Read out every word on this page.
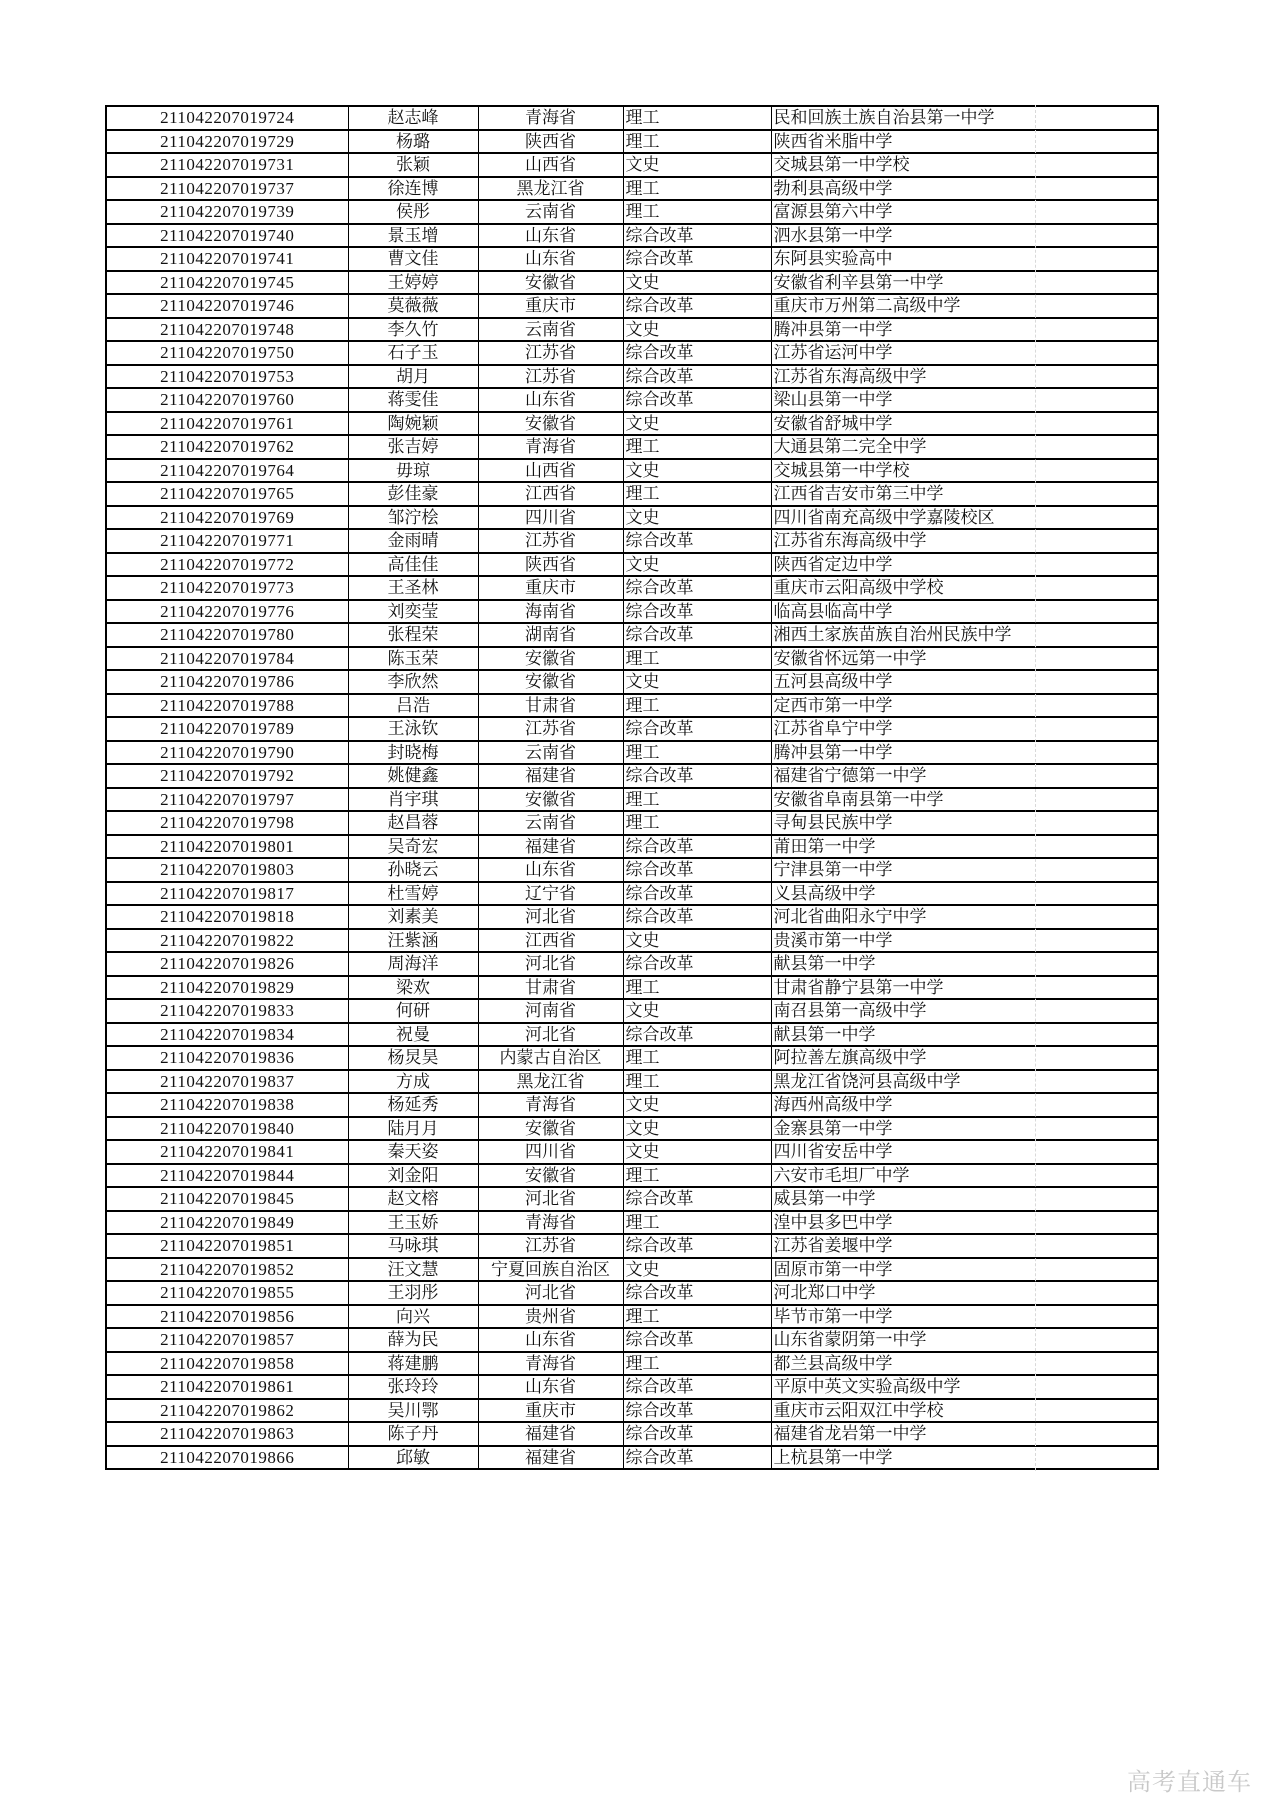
211042207019724	赵志峰	青海省	理工	民和回族土族自治县第一中学
211042207019729	杨璐	陕西省	理工	陕西省米脂中学
211042207019731	张颖	山西省	文史	交城县第一中学校
211042207019737	徐连博	黑龙江省	理工	勃利县高级中学
211042207019739	侯彤	云南省	理工	富源县第六中学
211042207019740	景玉增	山东省	综合改革	泗水县第一中学
211042207019741	曹文佳	山东省	综合改革	东阿县实验高中
211042207019745	王婷婷	安徽省	文史	安徽省利辛县第一中学
211042207019746	莫薇薇	重庆市	综合改革	重庆市万州第二高级中学
211042207019748	李久竹	云南省	文史	腾冲县第一中学
211042207019750	石子玉	江苏省	综合改革	江苏省运河中学
211042207019753	胡月	江苏省	综合改革	江苏省东海高级中学
211042207019760	蒋雯佳	山东省	综合改革	梁山县第一中学
211042207019761	陶婉颖	安徽省	文史	安徽省舒城中学
211042207019762	张吉婷	青海省	理工	大通县第二完全中学
211042207019764	毋琼	山西省	文史	交城县第一中学校
211042207019765	彭佳豪	江西省	理工	江西省吉安市第三中学
211042207019769	邹泞桧	四川省	文史	四川省南充高级中学嘉陵校区
211042207019771	金雨晴	江苏省	综合改革	江苏省东海高级中学
211042207019772	高佳佳	陕西省	文史	陕西省定边中学
211042207019773	王圣林	重庆市	综合改革	重庆市云阳高级中学校
211042207019776	刘奕莹	海南省	综合改革	临高县临高中学
211042207019780	张程荣	湖南省	综合改革	湘西土家族苗族自治州民族中学
211042207019784	陈玉荣	安徽省	理工	安徽省怀远第一中学
211042207019786	李欣然	安徽省	文史	五河县高级中学
211042207019788	吕浩	甘肃省	理工	定西市第一中学
211042207019789	王泳钦	江苏省	综合改革	江苏省阜宁中学
211042207019790	封晓梅	云南省	理工	腾冲县第一中学
211042207019792	姚健鑫	福建省	综合改革	福建省宁德第一中学
211042207019797	肖宇琪	安徽省	理工	安徽省阜南县第一中学
211042207019798	赵昌蓉	云南省	理工	寻甸县民族中学
211042207019801	吴奇宏	福建省	综合改革	莆田第一中学
211042207019803	孙晓云	山东省	综合改革	宁津县第一中学
211042207019817	杜雪婷	辽宁省	综合改革	义县高级中学
211042207019818	刘素美	河北省	综合改革	河北省曲阳永宁中学
211042207019822	汪紫涵	江西省	文史	贵溪市第一中学
211042207019826	周海洋	河北省	综合改革	献县第一中学
211042207019829	梁欢	甘肃省	理工	甘肃省静宁县第一中学
211042207019833	何研	河南省	文史	南召县第一高级中学
211042207019834	祝曼	河北省	综合改革	献县第一中学
211042207019836	杨炅昊	内蒙古自治区	理工	阿拉善左旗高级中学
211042207019837	方成	黑龙江省	理工	黑龙江省饶河县高级中学
211042207019838	杨延秀	青海省	文史	海西州高级中学
211042207019840	陆月月	安徽省	文史	金寨县第一中学
211042207019841	秦天姿	四川省	文史	四川省安岳中学
211042207019844	刘金阳	安徽省	理工	六安市毛坦厂中学
211042207019845	赵文榕	河北省	综合改革	威县第一中学
211042207019849	王玉娇	青海省	理工	湟中县多巴中学
211042207019851	马咏琪	江苏省	综合改革	江苏省姜堰中学
211042207019852	汪文慧	宁夏回族自治区	文史	固原市第一中学
211042207019855	王羽彤	河北省	综合改革	河北郑口中学
211042207019856	向兴	贵州省	理工	毕节市第一中学
211042207019857	薛为民	山东省	综合改革	山东省蒙阴第一中学
211042207019858	蒋建鹏	青海省	理工	都兰县高级中学
211042207019861	张玲玲	山东省	综合改革	平原中英文实验高级中学
211042207019862	吴川鄂	重庆市	综合改革	重庆市云阳双江中学校
211042207019863	陈子丹	福建省	综合改革	福建省龙岩第一中学
211042207019866	邱敏	福建省	综合改革	上杭县第一中学
高考直通车
